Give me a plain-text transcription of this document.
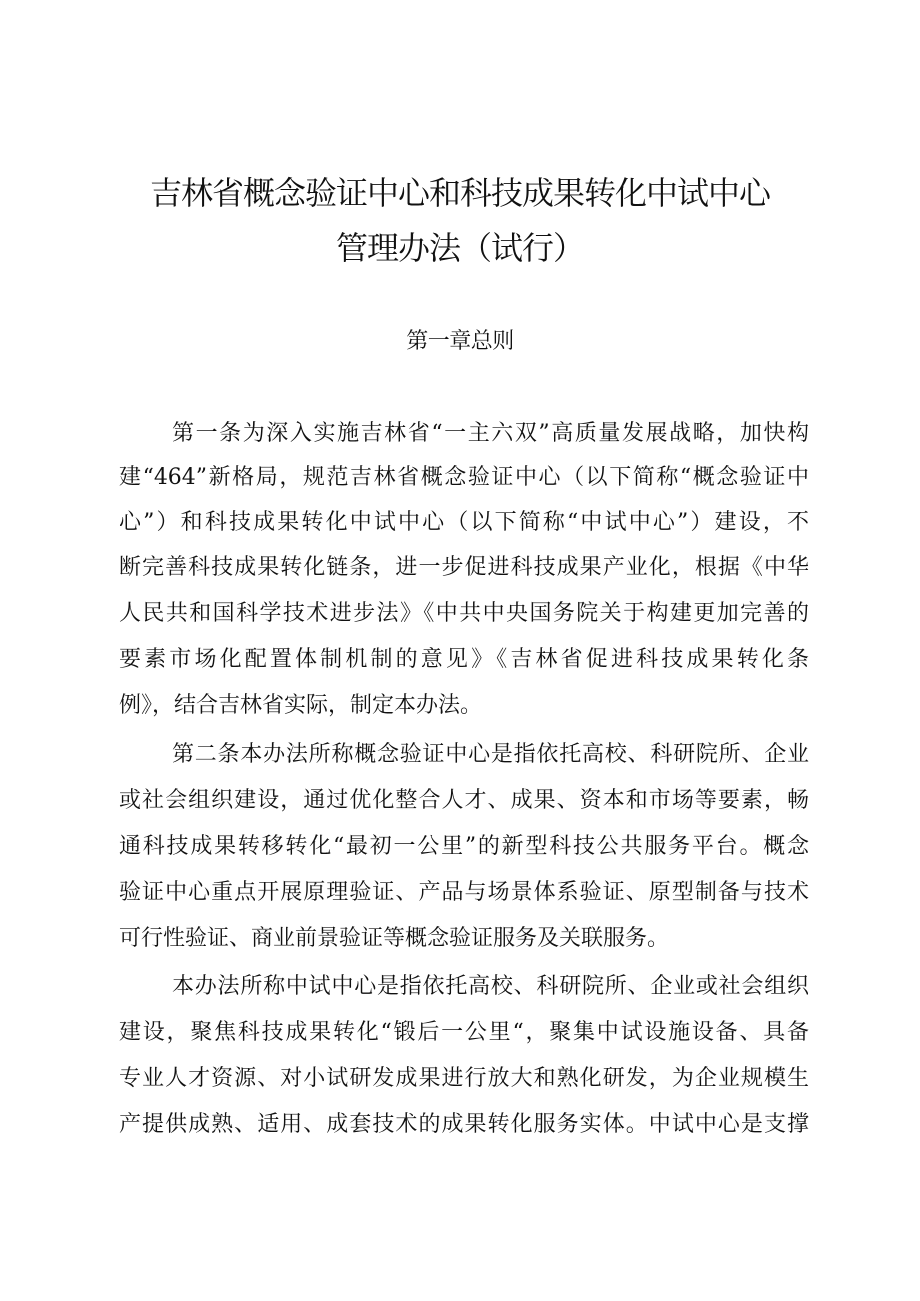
吉林省概念验证中心和科技成果转化中试中心
管理办法（试行）
第一章总则
第一条为深入实施吉林省“一主六双”高质量发展战略，加快构
建“464”新格局，规范吉林省概念验证中心（以下简称“概念验证中
心”）和科技成果转化中试中心（以下简称“中试中心”）建设，不
断完善科技成果转化链条，进一步促进科技成果产业化，根据《中华
人民共和国科学技术进步法》《中共中央国务院关于构建更加完善的
要素市场化配置体制机制的意见》《吉林省促进科技成果转化条
例》，结合吉林省实际，制定本办法。
第二条本办法所称概念验证中心是指依托高校、科研院所、企业
或社会组织建设，通过优化整合人才、成果、资本和市场等要素，畅
通科技成果转移转化“最初一公里”的新型科技公共服务平台。概念
验证中心重点开展原理验证、产品与场景体系验证、原型制备与技术
可行性验证、商业前景验证等概念验证服务及关联服务。
本办法所称中试中心是指依托高校、科研院所、企业或社会组织
建设，聚焦科技成果转化“锻后一公里“，聚集中试设施设备、具备
专业人才资源、对小试研发成果进行放大和熟化研发，为企业规模生
产提供成熟、适用、成套技术的成果转化服务实体。中试中心是支撑
